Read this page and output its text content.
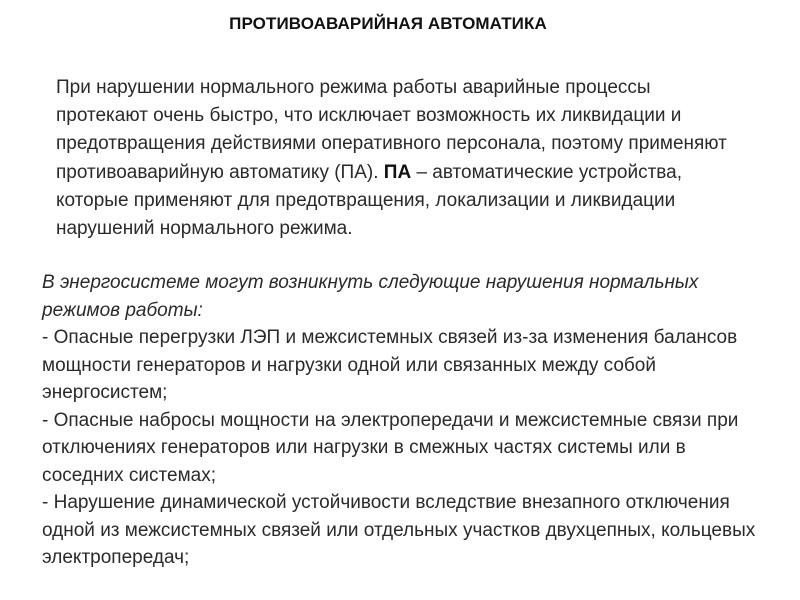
ПРОТИВОАВАРИЙНАЯ АВТОМАТИКА
При нарушении нормального режима работы аварийные процессы протекают очень быстро, что исключает возможность их ликвидации и предотвращения действиями оперативного персонала, поэтому применяют противоаварийную автоматику (ПА). ПА – автоматические устройства, которые применяют для предотвращения, локализации и ликвидации нарушений нормального режима.
В энергосистеме могут возникнуть следующие нарушения нормальных режимов работы:
- Опасные перегрузки ЛЭП и межсистемных связей из-за изменения балансов мощности генераторов и нагрузки одной или связанных между собой энергосистем;
- Опасные набросы мощности на электропередачи и межсистемные связи при отключениях генераторов или нагрузки в смежных частях системы или в соседних системах;
- Нарушение динамической устойчивости вследствие внезапного отключения одной из межсистемных связей или отдельных участков двухцепных, кольцевых электропередач;
